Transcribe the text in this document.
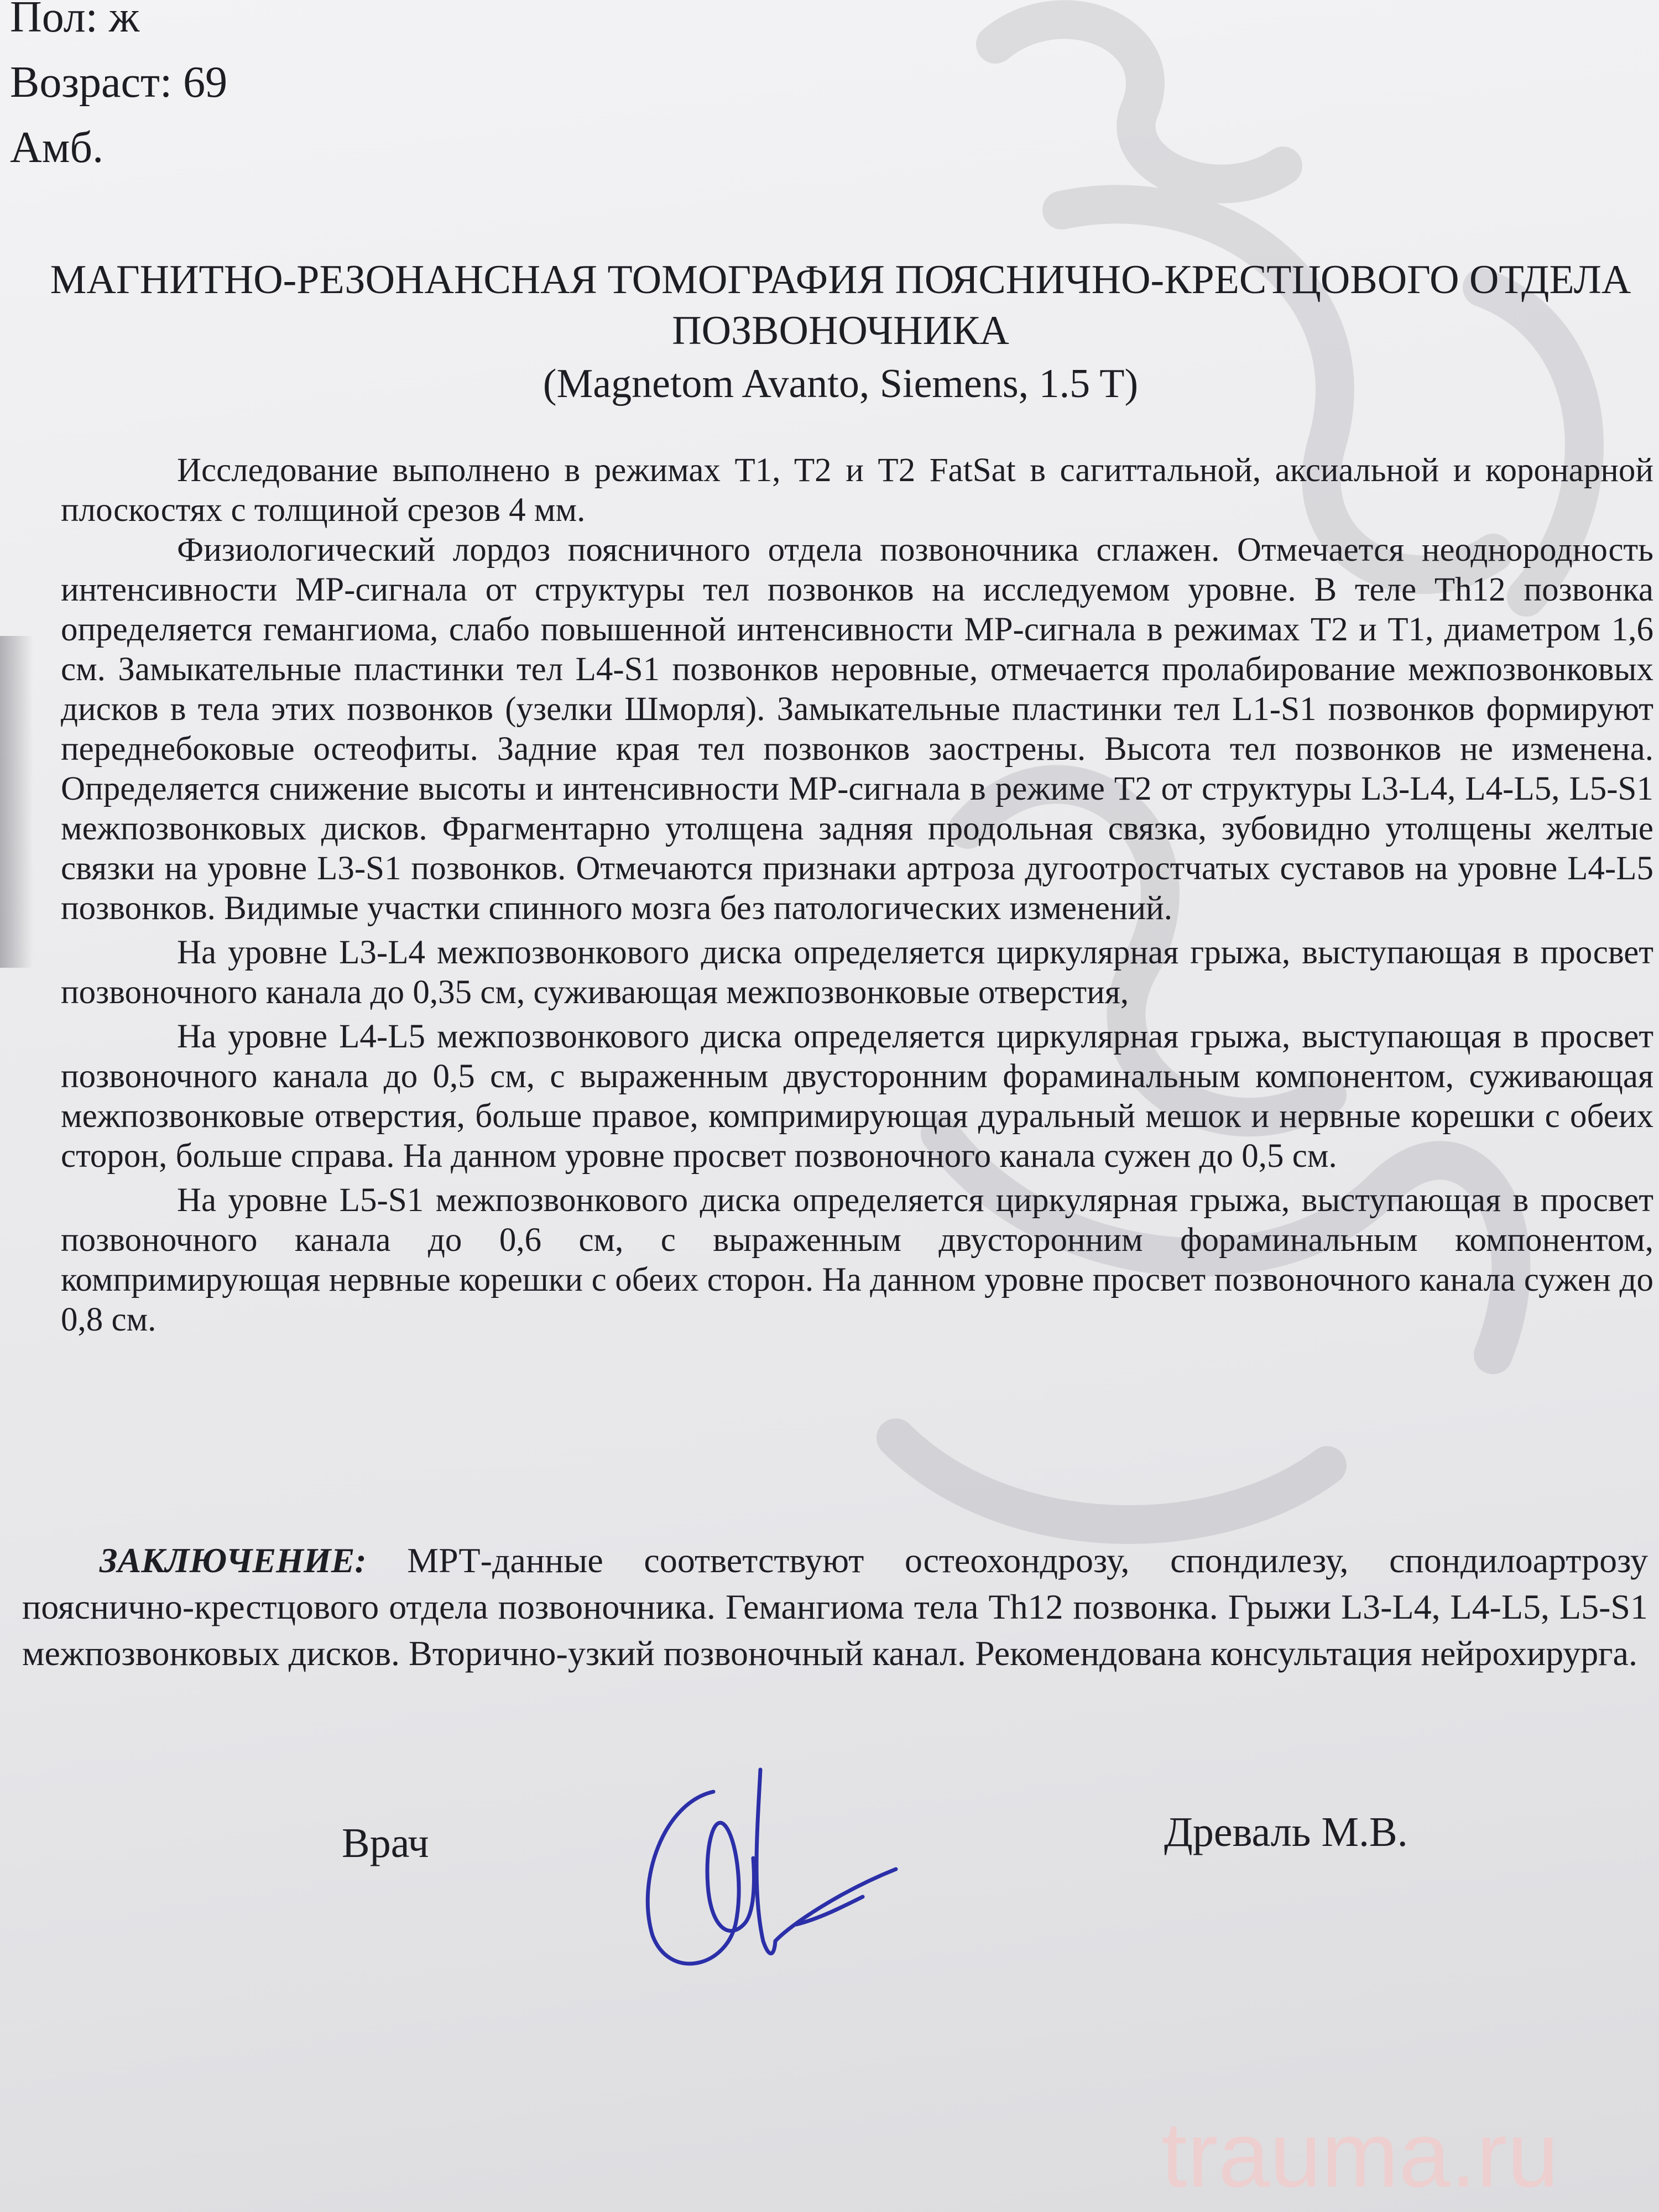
Пол: ж
Возраст: 69
Амб.
МАГНИТНО-РЕЗОНАНСНАЯ ТОМОГРАФИЯ ПОЯСНИЧНО-КРЕСТЦОВОГО ОТДЕЛА
ПОЗВОНОЧНИКА
(Magnetom Avanto, Siemens, 1.5 T)

Исследование выполнено в режимах T1, T2 и T2 FatSat в сагиттальной, аксиальной и коронарной плоскостях с толщиной срезов 4 мм.

Физиологический лордоз поясничного отдела позвоночника сглажен. Отмечается неоднородность интенсивности МР-сигнала от структуры тел позвонков на исследуемом уровне. В теле Th12 позвонка определяется гемангиома, слабо повышенной интенсивности МР-сигнала в режимах T2 и T1, диаметром 1,6 см. Замыкательные пластинки тел L4-S1 позвонков неровные, отмечается пролабирование межпозвонковых дисков в тела этих позвонков (узелки Шморля). Замыкательные пластинки тел L1-S1 позвонков формируют переднебоковые остеофиты. Задние края тел позвонков заострены. Высота тел позвонков не изменена. Определяется снижение высоты и интенсивности МР-сигнала в режиме T2 от структуры L3-L4, L4-L5, L5-S1 межпозвонковых дисков. Фрагментарно утолщена задняя продольная связка, зубовидно утолщены желтые связки на уровне L3-S1 позвонков. Отмечаются признаки артроза дугоотростчатых суставов на уровне L4-L5 позвонков. Видимые участки спинного мозга без патологических изменений.

На уровне L3-L4 межпозвонкового диска определяется циркулярная грыжа, выступающая в просвет позвоночного канала до 0,35 см, суживающая межпозвонковые отверстия,

На уровне L4-L5 межпозвонкового диска определяется циркулярная грыжа, выступающая в просвет позвоночного канала до 0,5 см, с выраженным двусторонним фораминальным компонентом, суживающая межпозвонковые отверстия, больше правое, компримирующая дуральный мешок и нервные корешки с обеих сторон, больше справа. На данном уровне просвет позвоночного канала сужен до 0,5 см.

На уровне L5-S1 межпозвонкового диска определяется циркулярная грыжа, выступающая в просвет позвоночного канала до 0,6 см, с выраженным двусторонним фораминальным компонентом, компримирующая нервные корешки с обеих сторон. На данном уровне просвет позвоночного канала сужен до 0,8 см.

ЗАКЛЮЧЕНИЕ: МРТ-данные соответствуют остеохондрозу, спондилезу, спондилоартрозу пояснично-крестцового отдела позвоночника. Гемангиома тела Th12 позвонка. Грыжи L3-L4, L4-L5, L5-S1 межпозвонковых дисков. Вторично-узкий позвоночный канал. Рекомендована консультация нейрохирурга.
Врач	Древаль М.В.
trauma.ru
